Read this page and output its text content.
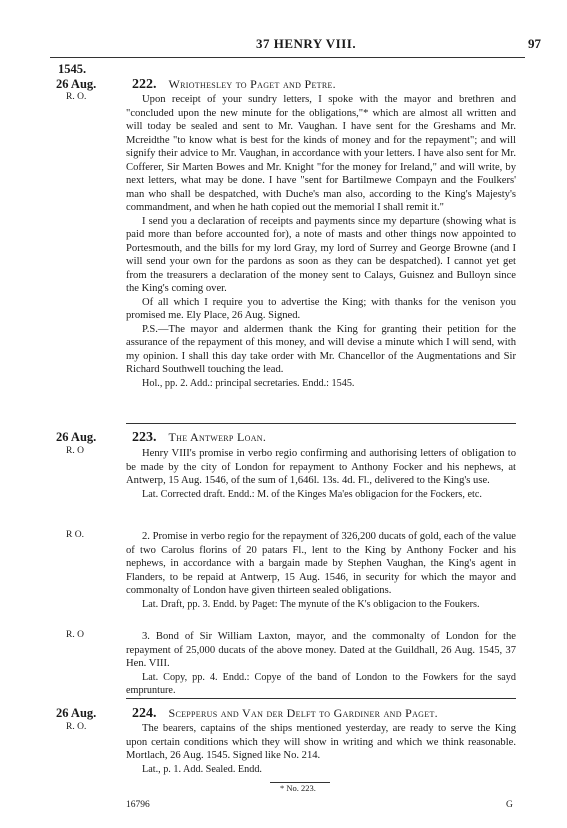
37 HENRY VIII.	97
1545.
26 Aug.
R. O.
222. Wriothesley to Paget and Petre.

Upon receipt of your sundry letters, I spoke with the mayor and brethren and "concluded upon the new minute for the obligations,"* which are almost all written and will today be sealed and sent to Mr. Vaughan. I have sent for the Greshams and Mr. Mcreidthe "to know what is best for the kinds of money and for the repayment"; and will signify their advice to Mr. Vaughan, in accordance with your letters. I have also sent for Mr. Cofferer, Sir Marten Bowes and Mr. Knight "for the money for Ireland," and will write, by next letters, what may be done. I have "sent for Bartilmewe Compayn and the Foulkers' man who shall be despatched, with Duche's man also, according to the King's Majesty's commandment, and when he hath copied out the memorial I shall remit it."

I send you a declaration of receipts and payments since my departure (showing what is paid more than before accounted for), a note of masts and other things now appointed to Portesmouth, and the bills for my lord Gray, my lord of Surrey and George Browne (and I will send your own for the pardons as soon as they can be despatched). I cannot yet get from the treasurers a declaration of the money sent to Calays, Guisnez and Bulloyn since the King's coming over.

Of all which I require you to advertise the King; with thanks for the venison you promised me. Ely Place, 26 Aug. Signed.

P.S.—The mayor and aldermen thank the King for granting their petition for the assurance of the repayment of this money, and will devise a minute which I will send, with my opinion. I shall this day take order with Mr. Chancellor of the Augmentations and Sir Richard Southwell touching the lead.

Hol., pp. 2. Add.: principal secretaries. Endd.: 1545.

26 Aug.
R. O
223. The Antwerp Loan.

Henry VIII's promise in verbo regio confirming and authorising letters of obligation to be made by the city of London for repayment to Anthony Focker and his nephews, at Antwerp, 15 Aug. 1546, of the sum of 1,646l. 13s. 4d. Fl., delivered to the King's use.

Lat. Corrected draft. Endd.: M. of the Kinges Ma'es obligacion for the Fockers, etc.

R O.	2. Promise in verbo regio for the repayment of 326,200 ducats of gold, each of the value of two Carolus florins of 20 patars Fl., lent to the King by Anthony Focker and his nephews, in accordance with a bargain made by Stephen Vaughan, the King's agent in Flanders, to be repaid at Antwerp, 15 Aug. 1546, in security for which the mayor and commonalty of London have given thirteen sealed obligations.

Lat. Draft, pp. 3. Endd. by Paget: The mynute of the K's obligacion to the Foukers.

R. O	3. Bond of Sir William Laxton, mayor, and the commonalty of London for the repayment of 25,000 ducats of the above money. Dated at the Guildhall, 26 Aug. 1545, 37 Hen. VIII.

Lat. Copy, pp. 4. Endd.: Copye of the band of London to the Fowkers for the sayd emprunture.

26 Aug.
R. O.
224. Scepperus and Van der Delft to Gardiner and Paget.

The bearers, captains of the ships mentioned yesterday, are ready to serve the King upon certain conditions which they will show in writing and which we think reasonable. Mortlach, 26 Aug. 1545. Signed like No. 214.

Lat., p. 1. Add. Sealed. Endd.

* No. 223.
16796	G
